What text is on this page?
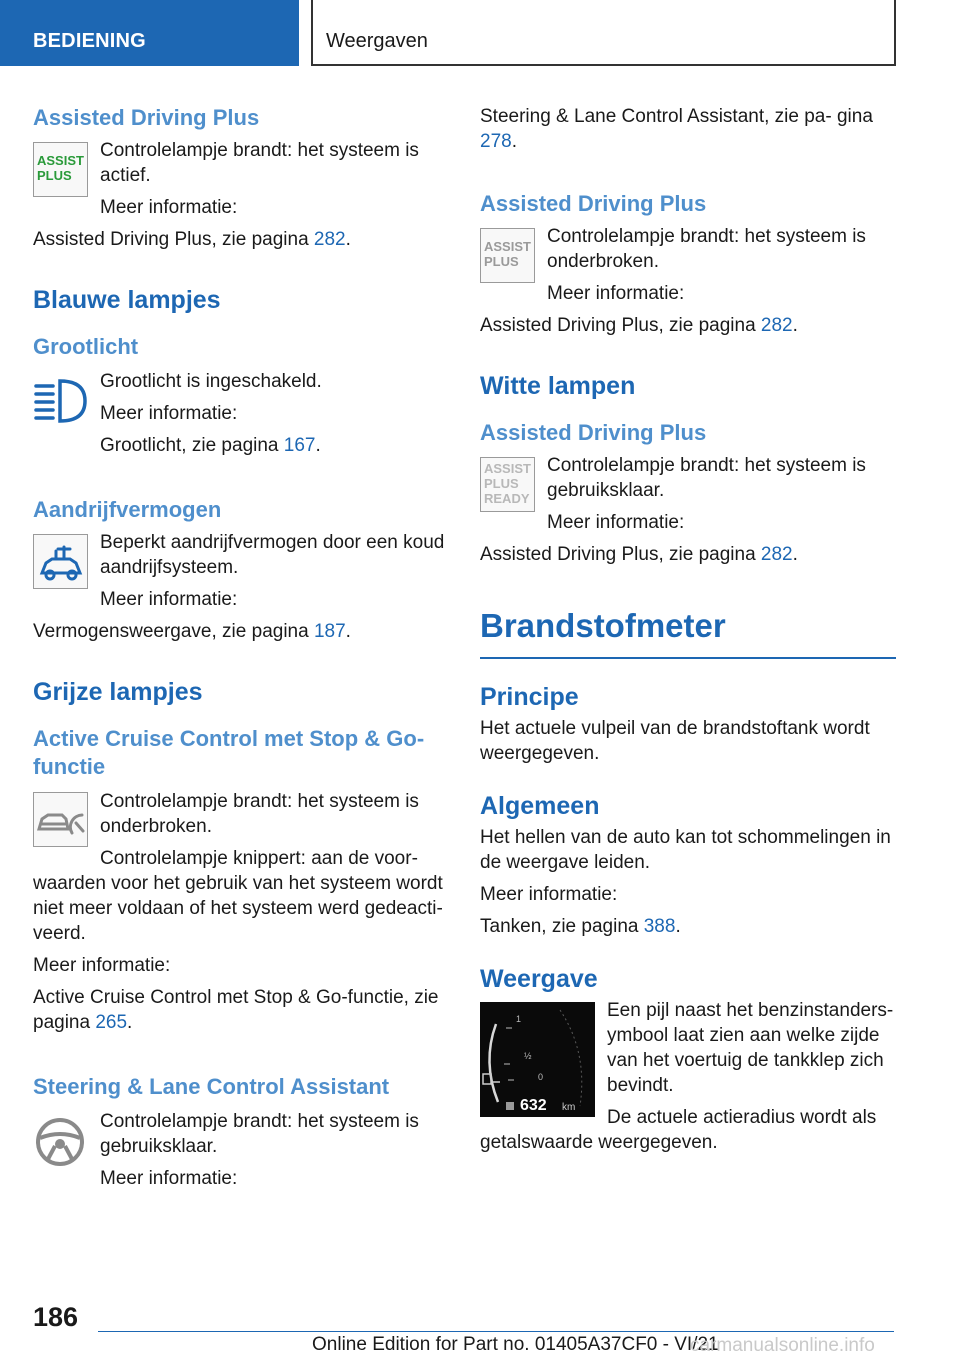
BEDIENING	Weergaven
Assisted Driving Plus
ASSIST
PLUS

Controlelampje brandt: het systeem is actief.

Meer informatie:

Assisted Driving Plus, zie pagina 282.

Blauwe lampjes
Grootlicht

Grootlicht is ingeschakeld.

Meer informatie:

Grootlicht, zie pagina 167.

Aandrijfvermogen

Beperkt aandrijfvermogen door een koud aandrijfsysteem.

Meer informatie:

Vermogensweergave, zie pagina 187.

Grijze lampjes
Active Cruise Control met Stop & Go-functie

Controlelampje brandt: het systeem is onderbroken.

Controlelampje knippert: aan de voor-

waarden voor het gebruik van het systeem wordt niet meer voldaan of het systeem werd gedeacti- veerd.

Meer informatie:

Active Cruise Control met Stop & Go-functie, zie pagina 265.

Steering & Lane Control Assistant

Controlelampje brandt: het systeem is gebruiksklaar.

Meer informatie:

Steering & Lane Control Assistant, zie pa- gina 278.

Assisted Driving Plus
ASSIST
PLUS

Controlelampje brandt: het systeem is onderbroken.

Meer informatie:

Assisted Driving Plus, zie pagina 282.

Witte lampen
Assisted Driving Plus
ASSIST
PLUS
READY

Controlelampje brandt: het systeem is gebruiksklaar.

Meer informatie:

Assisted Driving Plus, zie pagina 282.

Brandstofmeter
Principe

Het actuele vulpeil van de brandstoftank wordt weergegeven.

Algemeen

Het hellen van de auto kan tot schommelingen in de weergave leiden.

Meer informatie:

Tanken, zie pagina 388.

Weergave
1
½
0
632 km

Een pijl naast het benzinstanders- ymbool laat zien aan welke zijde van het voertuig de tankklep zich bevindt.

De actuele actieradius wordt als

getalswaarde weergegeven.

186
Online Edition for Part no. 01405A37CF0 - VI/21
carmanualsonline.info
